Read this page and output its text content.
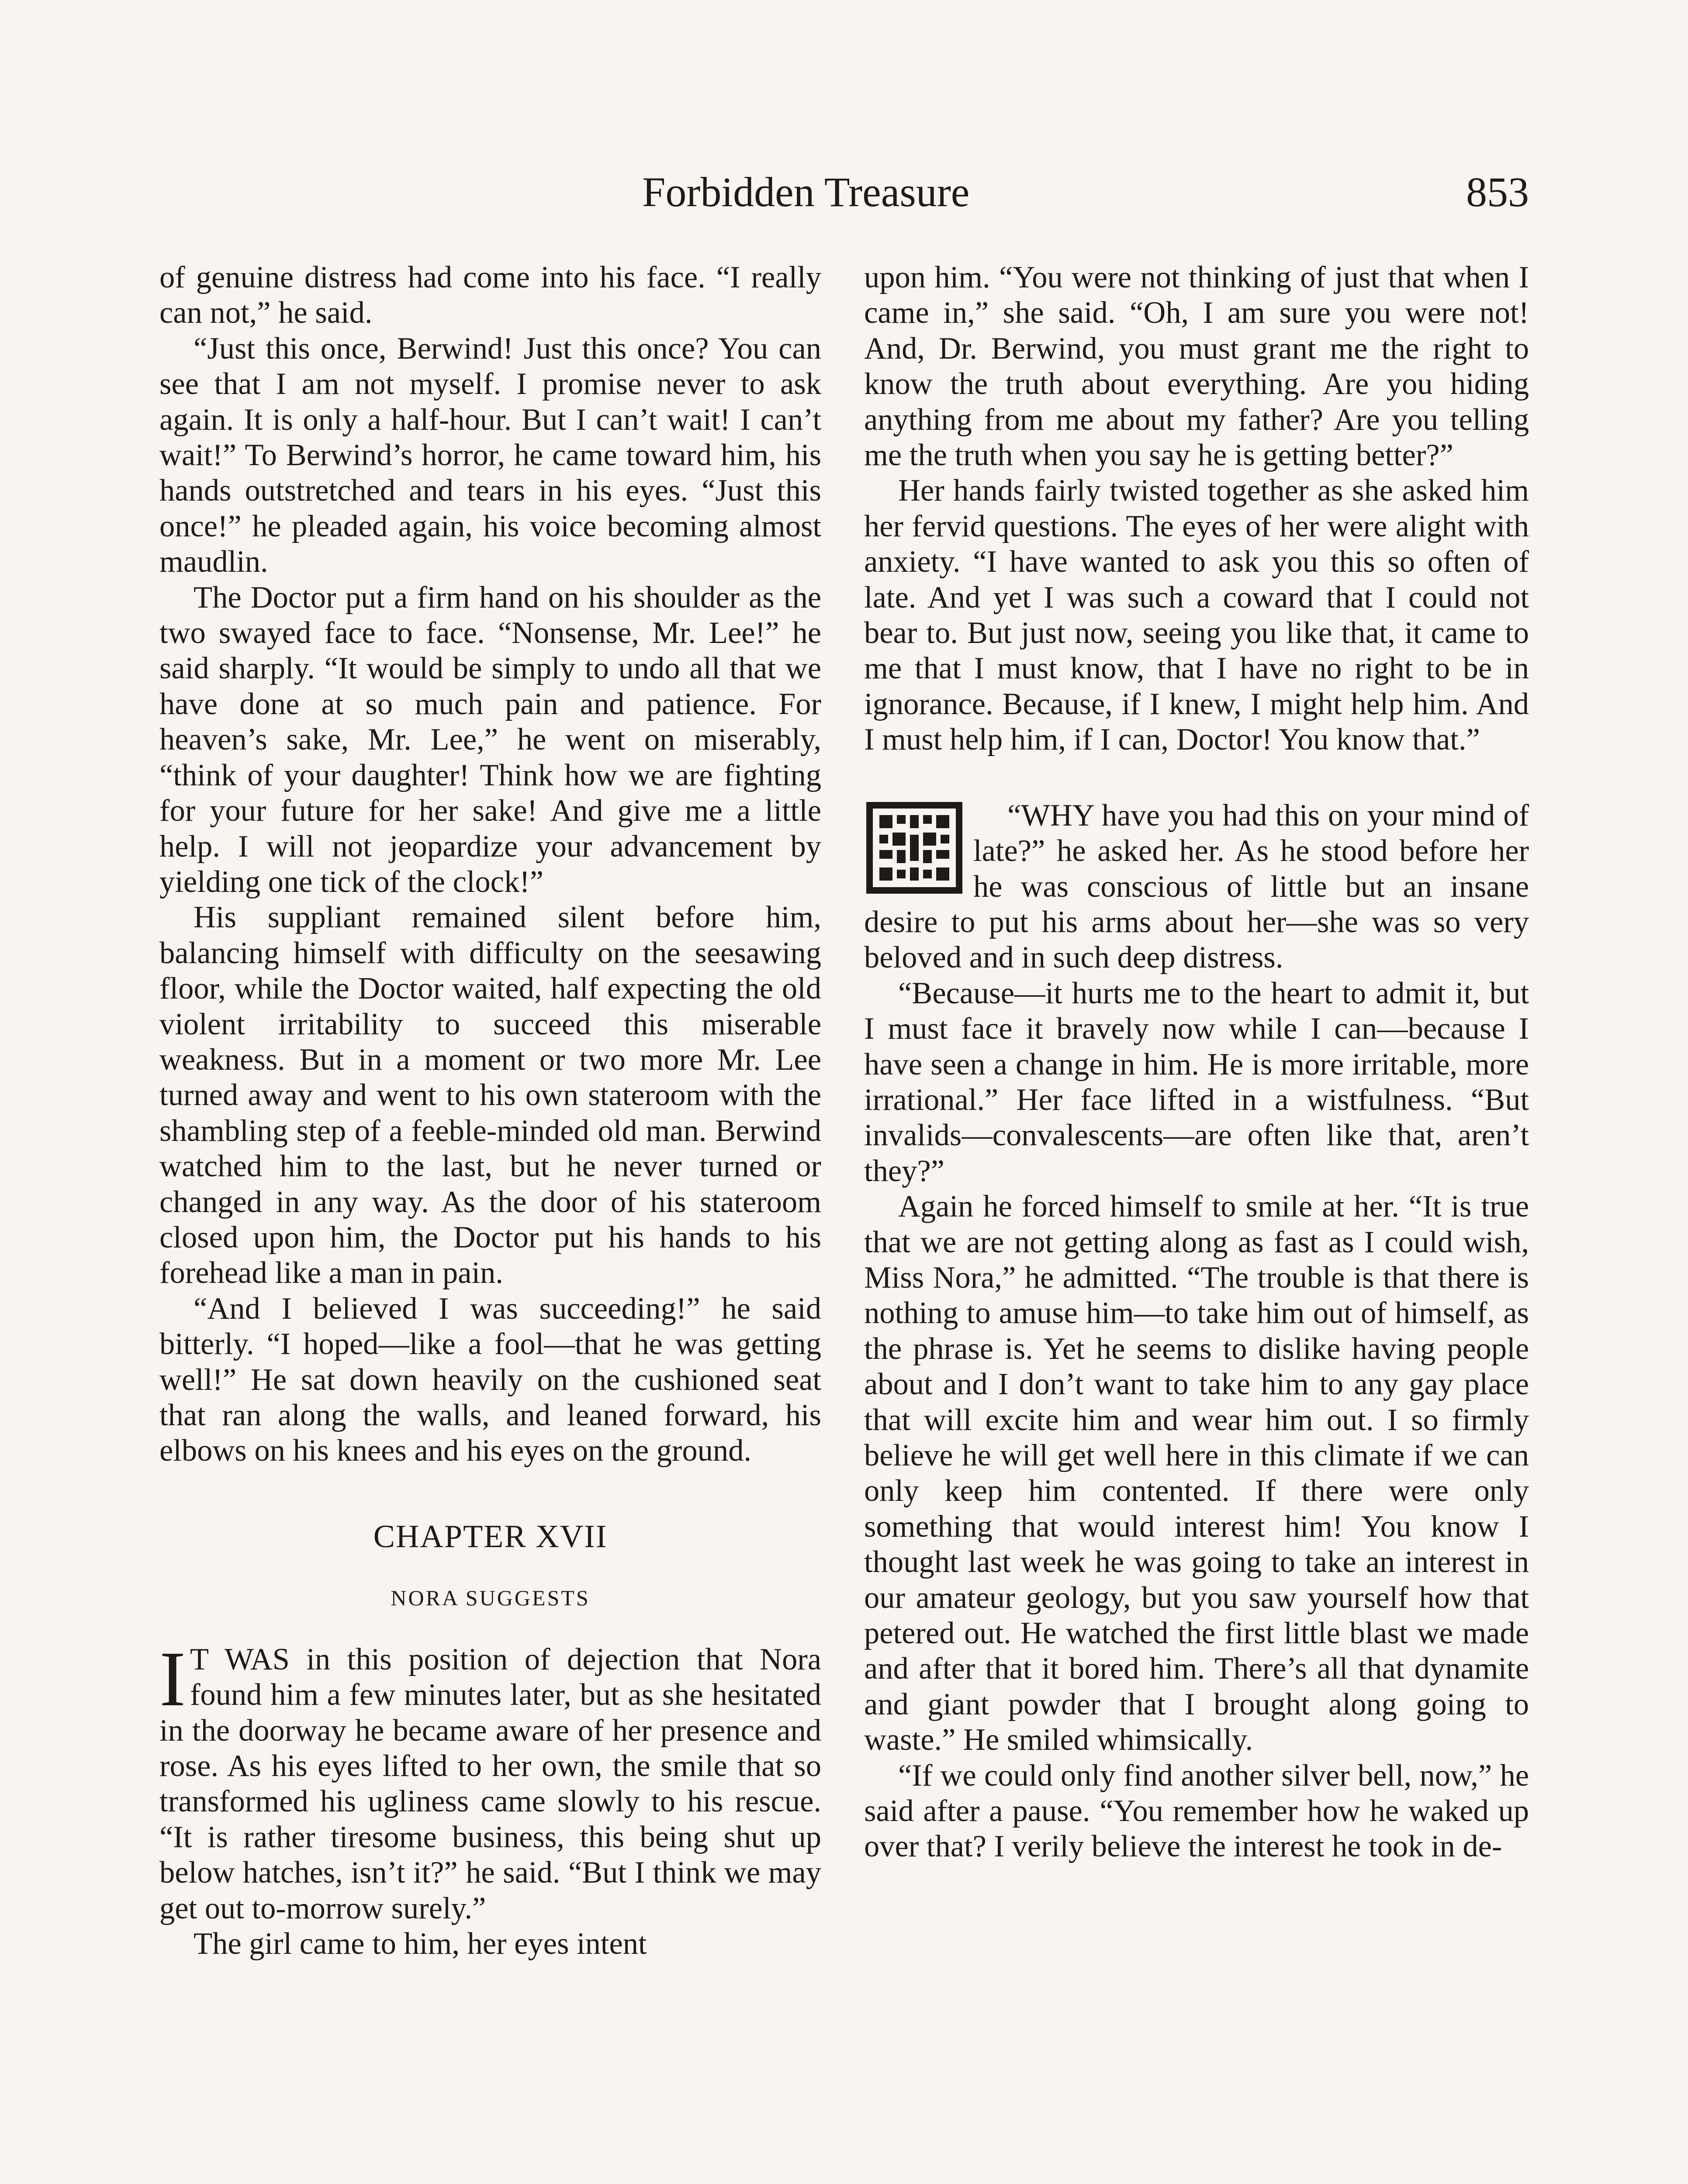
Forbidden Treasure	853

of genuine distress had come into his face. “I really can not,” he said.

“Just this once, Berwind! Just this once? You can see that I am not myself. I promise never to ask again. It is only a half-hour. But I can’t wait! I can’t wait!” To Berwind’s horror, he came toward him, his hands outstretched and tears in his eyes. “Just this once!” he pleaded again, his voice becoming almost maudlin.

The Doctor put a firm hand on his shoulder as the two swayed face to face. “Nonsense, Mr. Lee!” he said sharply. “It would be simply to undo all that we have done at so much pain and patience. For heaven’s sake, Mr. Lee,” he went on miserably, “think of your daughter! Think how we are fighting for your future for her sake! And give me a little help. I will not jeopardize your advancement by yielding one tick of the clock!”

His suppliant remained silent before him, balancing himself with difficulty on the seesawing floor, while the Doctor waited, half expecting the old violent irritability to succeed this miserable weakness. But in a moment or two more Mr. Lee turned away and went to his own stateroom with the shambling step of a feeble-minded old man. Berwind watched him to the last, but he never turned or changed in any way. As the door of his stateroom closed upon him, the Doctor put his hands to his forehead like a man in pain.

“And I believed I was succeeding!” he said bitterly. “I hoped—like a fool—that he was getting well!” He sat down heavily on the cushioned seat that ran along the walls, and leaned forward, his elbows on his knees and his eyes on the ground.

CHAPTER XVII

NORA SUGGESTS

I T WAS in this position of dejection that Nora found him a few minutes later, but as she hesitated in the doorway he became aware of her presence and rose. As his eyes lifted to her own, the smile that so transformed his ugliness came slowly to his rescue. “It is rather tiresome business, this being shut up below hatches, isn’t it?” he said. “But I think we may get out to-morrow surely.”

The girl came to him, her eyes intent

upon him. “You were not thinking of just that when I came in,” she said. “Oh, I am sure you were not! And, Dr. Berwind, you must grant me the right to know the truth about everything. Are you hiding anything from me about my father? Are you telling me the truth when you say he is getting better?”

Her hands fairly twisted together as she asked him her fervid questions. The eyes of her were alight with anxiety. “I have wanted to ask you this so often of late. And yet I was such a coward that I could not bear to. But just now, seeing you like that, it came to me that I must know, that I have no right to be in ignorance. Because, if I knew, I might help him. And I must help him, if I can, Doctor! You know that.”

“WHY have you had this on your mind of late?” he asked her. As he stood before her he was conscious of little but an insane desire to put his arms about her—she was so very beloved and in such deep distress.

“Because—it hurts me to the heart to admit it, but I must face it bravely now while I can—because I have seen a change in him. He is more irritable, more irrational.” Her face lifted in a wistfulness. “But invalids—convalescents—are often like that, aren’t they?”

Again he forced himself to smile at her. “It is true that we are not getting along as fast as I could wish, Miss Nora,” he admitted. “The trouble is that there is nothing to amuse him—to take him out of himself, as the phrase is. Yet he seems to dislike having people about and I don’t want to take him to any gay place that will excite him and wear him out. I so firmly believe he will get well here in this climate if we can only keep him contented. If there were only something that would interest him! You know I thought last week he was going to take an interest in our amateur geology, but you saw yourself how that petered out. He watched the first little blast we made and after that it bored him. There’s all that dynamite and giant powder that I brought along going to waste.” He smiled whimsically.

“If we could only find another silver bell, now,” he said after a pause. “You remember how he waked up over that? I verily believe the interest he took in de-
